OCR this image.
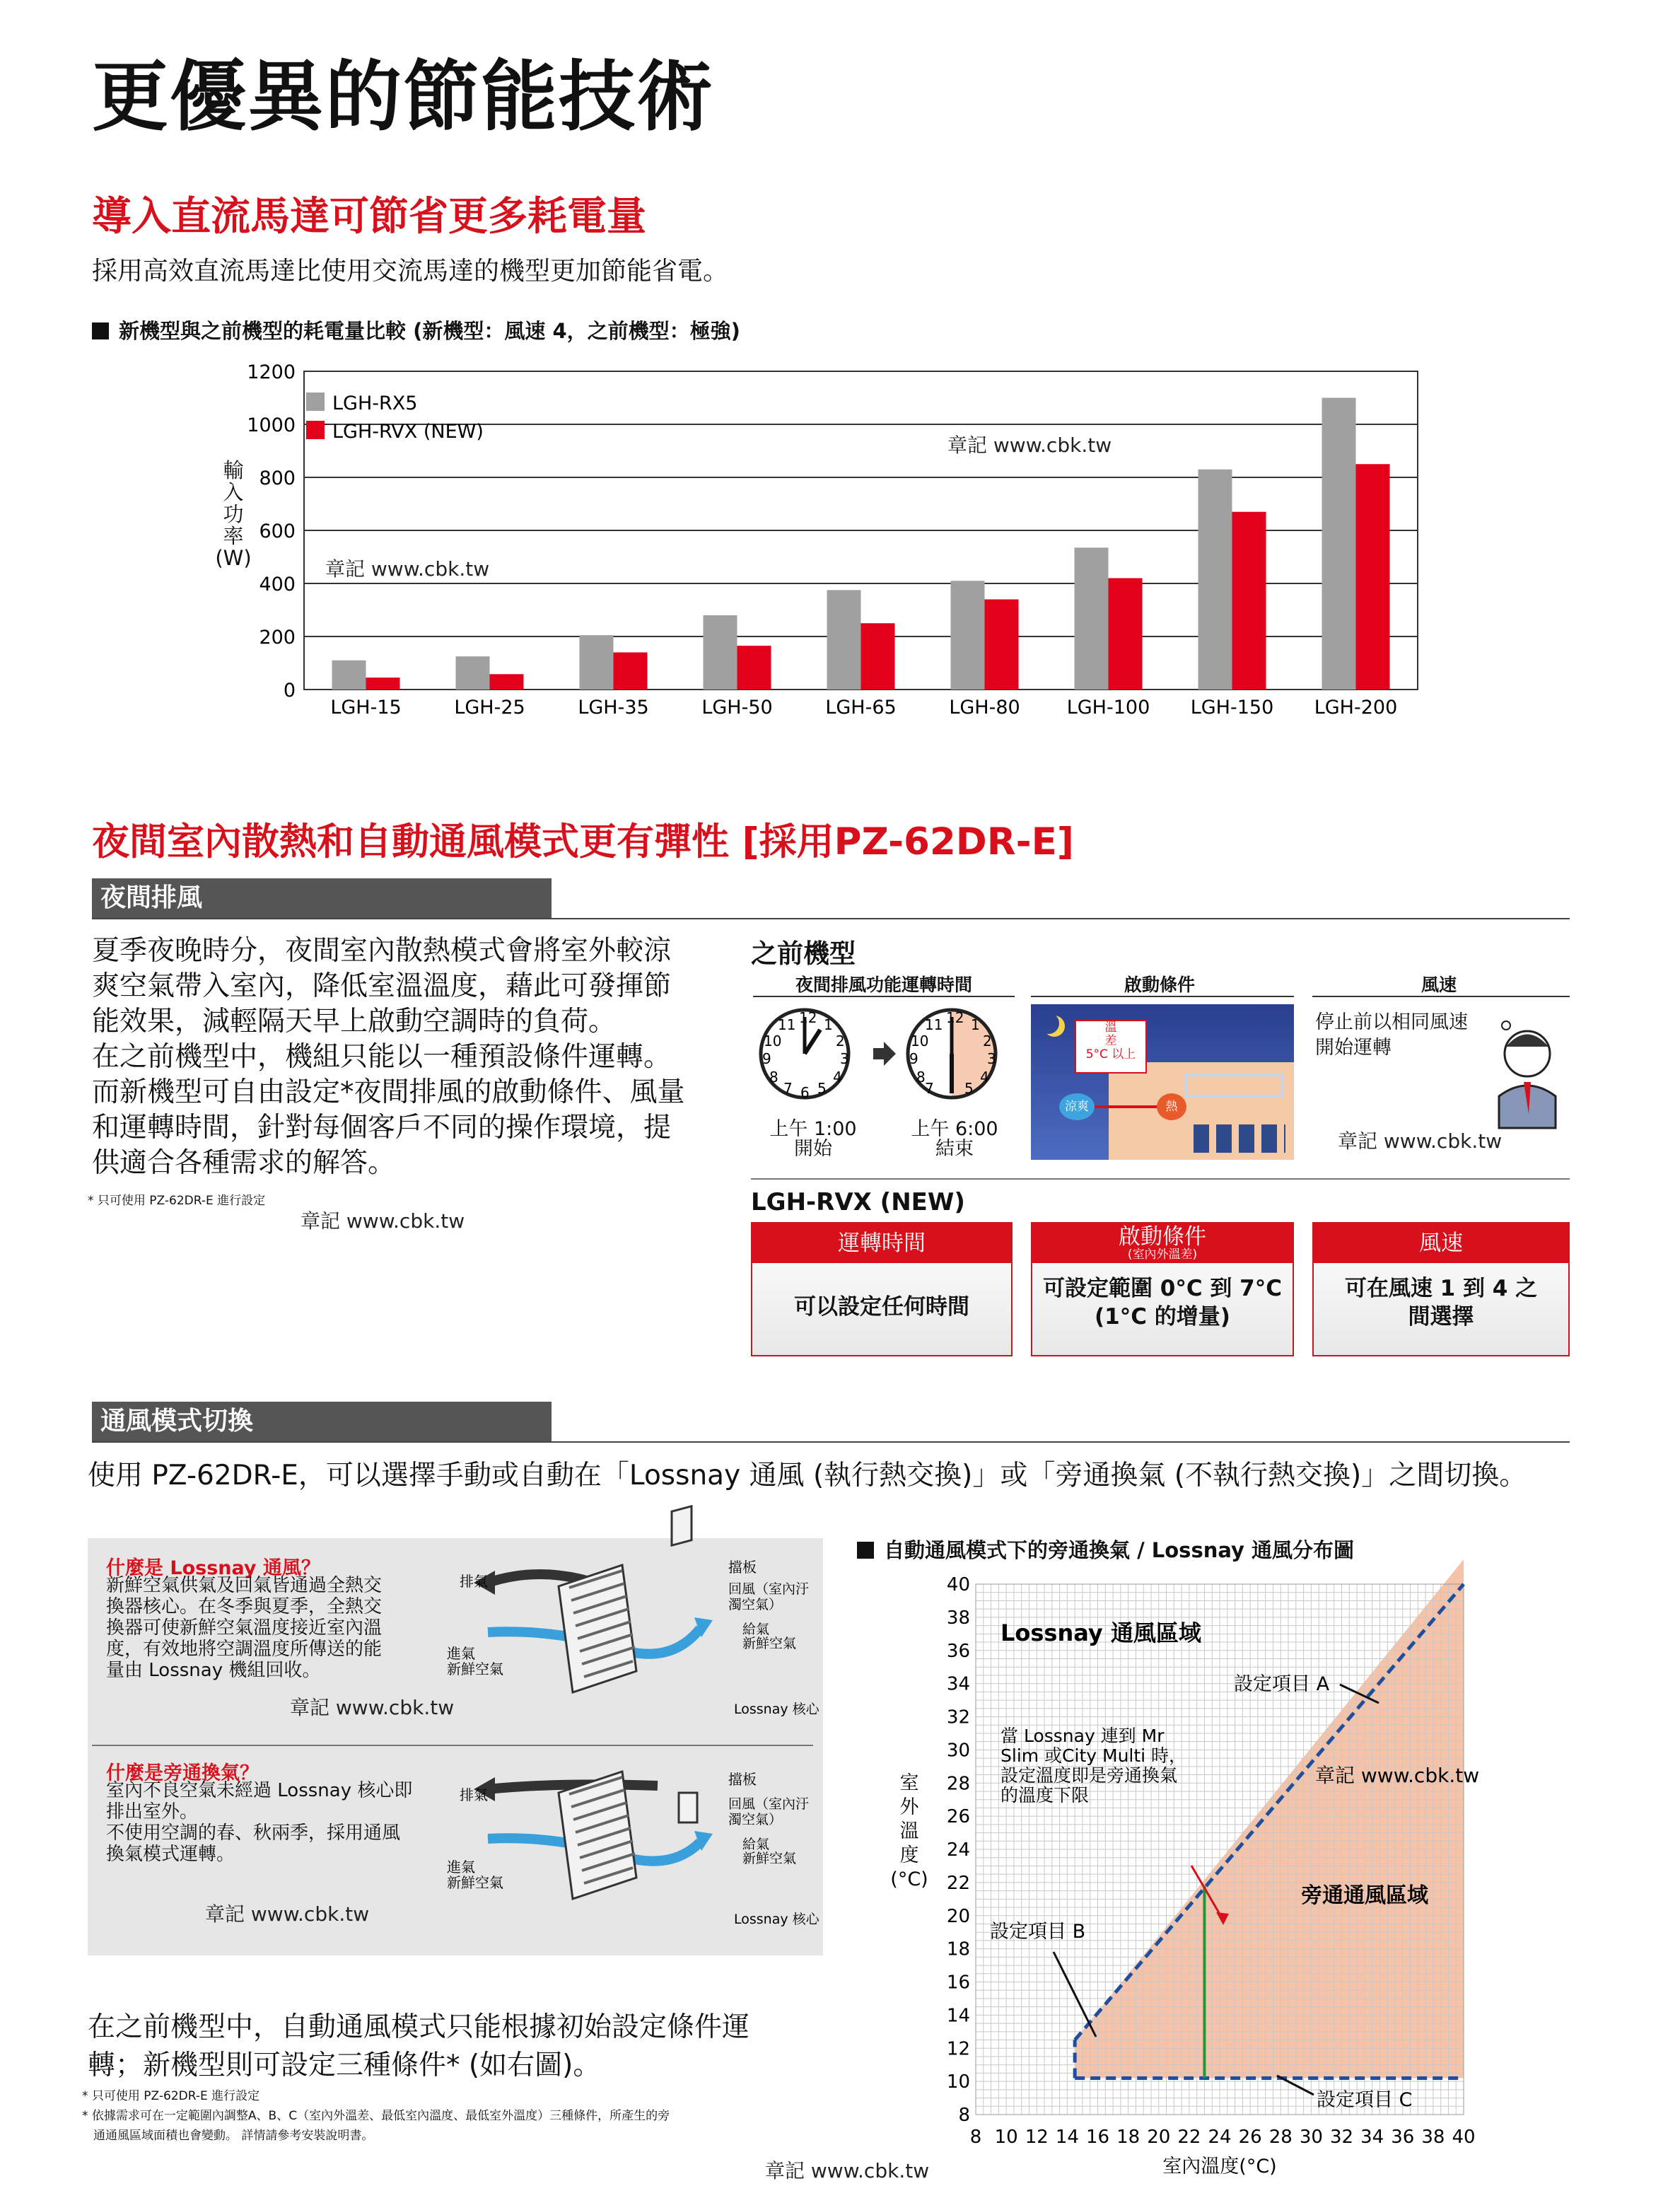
更優異的節能技術
導入直流馬達可節省更多耗電量
採用高效直流馬達比使用交流馬達的機型更加節能省電。
新機型與之前機型的耗電量比較 (新機型：風速 4，之前機型：極強)
0
200
400
600
800
1000
1200
LGH-15	LGH-25	LGH-35	LGH-50	LGH-65	LGH-80 LGH-100 LGH-150 LGH-200
LGH-RX5
LGH-RVX (NEW)
章記 www.cbk.tw
章記 www.cbk.tw
輸
入
功
率
(W)
夜間室內散熱和自動通風模式更有彈性 [採用PZ-62DR-E]
夜間排風
夏季夜晚時分，夜間室內散熱模式會將室外較涼
爽空氣帶入室內，降低室溫溫度，藉此可發揮節
能效果，減輕隔天早上啟動空調時的負荷。
在之前機型中，機組只能以一種預設條件運轉。
而新機型可自由設定*夜間排風的啟動條件、風量
和運轉時間，針對每個客戶不同的操作環境，提
供適合各種需求的解答。
* 只可使用 PZ-62DR-E 進行設定
章記 www.cbk.tw
之前機型
夜間排風功能運轉時間	啟動條件	風速
12 1
2
3
4
5
6
7
8
9
10
11	12 1
2
3
4
5
7
8
9
10
11
上午 1:00
開始
上午 6:00
結束
溫
差
5°C 以上
涼爽	熱
停止前以相同風速
開始運轉
章記 www.cbk.tw
LGH-RVX (NEW)
運轉時間
可以設定任何時間
啟動條件
(室內外溫差)
可設定範圍 0°C 到 7°C
(1°C 的增量)
風速
可在風速 1 到 4 之
間選擇
通風模式切換
使用 PZ-62DR-E，可以選擇手動或自動在「Lossnay 通風 (執行熱交換)」或「旁通換氣 (不執行熱交換)」之間切換。
什麼是 Lossnay 通風？
新鮮空氣供氣及回氣皆通過全熱交
換器核心。在冬季與夏季，全熱交
換器可使新鮮空氣溫度接近室內溫
度，有效地將空調溫度所傳送的能
量由 Lossnay 機組回收。
章記 www.cbk.tw
什麼是旁通換氣？
室內不良空氣未經過 Lossnay 核心即
排出室外。
不使用空調的春、秋兩季，採用通風
換氣模式運轉。
章記 www.cbk.tw
排氣
進氣
新鮮空氣
擋板
回風（室內汙
濁空氣）
給氣
新鮮空氣
Lossnay 核心
排氣
進氣
新鮮空氣
擋板
回風（室內汙
濁空氣）
給氣
新鮮空氣
Lossnay 核心
在之前機型中，自動通風模式只能根據初始設定條件運
轉；新機型則可設定三種條件* (如右圖)。
* 只可使用 PZ-62DR-E 進行設定
* 依據需求可在一定範圍內調整A、B、C（室內外溫差、最低室內溫度、最低室外溫度）三種條件，所產生的旁
通通風區域面積也會變動。 詳情請參考安裝說明書。
章記 www.cbk.tw
自動通風模式下的旁通換氣 / Lossnay 通風分布圖
8
10
12
14
16
18
20
22
24
26
28
30
32
34
36
38
40
8 10 12 14 16 18 20 22 24 26 28 30 32 34 36 38 40
室內溫度(°C)
室
外
溫
度
(°C)
Lossnay 通風區域
設定項目 A
當 Lossnay 連到 Mr
Slim 或City Multi 時，
設定溫度即是旁通換氣
的溫度下限
章記 www.cbk.tw
旁通通風區域
設定項目 B
設定項目 C
